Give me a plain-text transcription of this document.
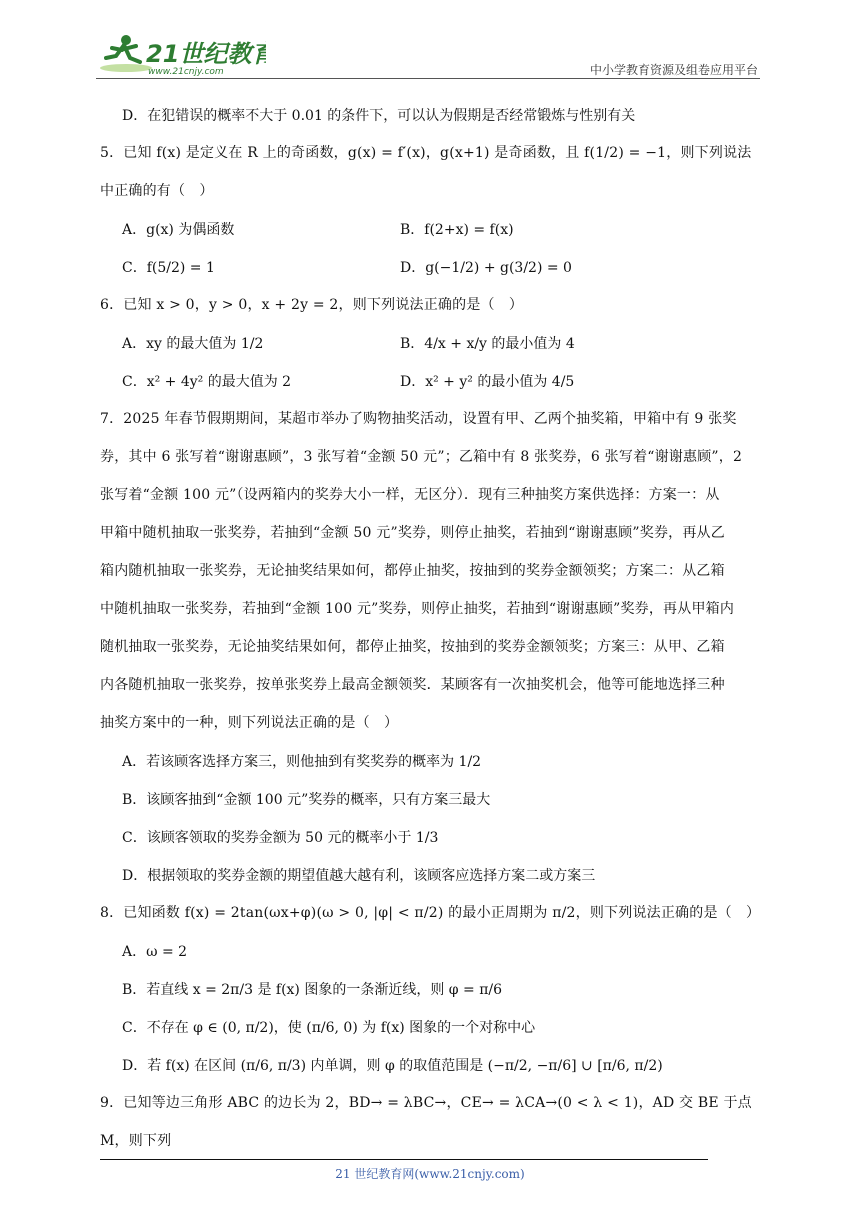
21世纪教育
www.21cnjy.com	中小学教育资源及组卷应用平台
D．在犯错误的概率不大于 0.01 的条件下，可以认为假期是否经常锻炼与性别有关
5．已知 f(x) 是定义在 R 上的奇函数，g(x) = f′(x)，g(x+1) 是奇函数，且 f(1/2) = −1，则下列说法
中正确的有（　）
A．g(x) 为偶函数	B．f(2+x) = f(x)
C．f(5/2) = 1	D．g(−1/2) + g(3/2) = 0
6．已知 x > 0，y > 0，x + 2y = 2，则下列说法正确的是（　）
A．xy 的最大值为 1/2	B．4/x + x/y 的最小值为 4
C．x² + 4y² 的最大值为 2	D．x² + y² 的最小值为 4/5
7．2025 年春节假期期间，某超市举办了购物抽奖活动，设置有甲、乙两个抽奖箱，甲箱中有 9 张奖
券，其中 6 张写着“谢谢惠顾”，3 张写着“金额 50 元”；乙箱中有 8 张奖券，6 张写着“谢谢惠顾”，2
张写着“金额 100 元”（设两箱内的奖券大小一样，无区分）．现有三种抽奖方案供选择：方案一：从
甲箱中随机抽取一张奖券，若抽到“金额 50 元”奖券，则停止抽奖，若抽到“谢谢惠顾”奖券，再从乙
箱内随机抽取一张奖券，无论抽奖结果如何，都停止抽奖，按抽到的奖券金额领奖；方案二：从乙箱
中随机抽取一张奖券，若抽到“金额 100 元”奖券，则停止抽奖，若抽到“谢谢惠顾”奖券，再从甲箱内
随机抽取一张奖券，无论抽奖结果如何，都停止抽奖，按抽到的奖券金额领奖；方案三：从甲、乙箱
内各随机抽取一张奖券，按单张奖券上最高金额领奖．某顾客有一次抽奖机会，他等可能地选择三种
抽奖方案中的一种，则下列说法正确的是（　）
A．若该顾客选择方案三，则他抽到有奖奖券的概率为 1/2
B．该顾客抽到“金额 100 元”奖券的概率，只有方案三最大
C．该顾客领取的奖券金额为 50 元的概率小于 1/3
D．根据领取的奖券金额的期望值越大越有利，该顾客应选择方案二或方案三
8．已知函数 f(x) = 2tan(ωx+φ)(ω > 0, |φ| < π/2) 的最小正周期为 π/2，则下列说法正确的是（　）
A．ω = 2
B．若直线 x = 2π/3 是 f(x) 图象的一条渐近线，则 φ = π/6
C．不存在 φ ∈ (0, π/2)，使 (π/6, 0) 为 f(x) 图象的一个对称中心
D．若 f(x) 在区间 (π/6, π/3) 内单调，则 φ 的取值范围是 (−π/2, −π/6] ∪ [π/6, π/2)
9．已知等边三角形 ABC 的边长为 2，BD→ = λBC→，CE→ = λCA→(0 < λ < 1)，AD 交 BE 于点 M，则下列
21 世纪教育网(www.21cnjy.com)
